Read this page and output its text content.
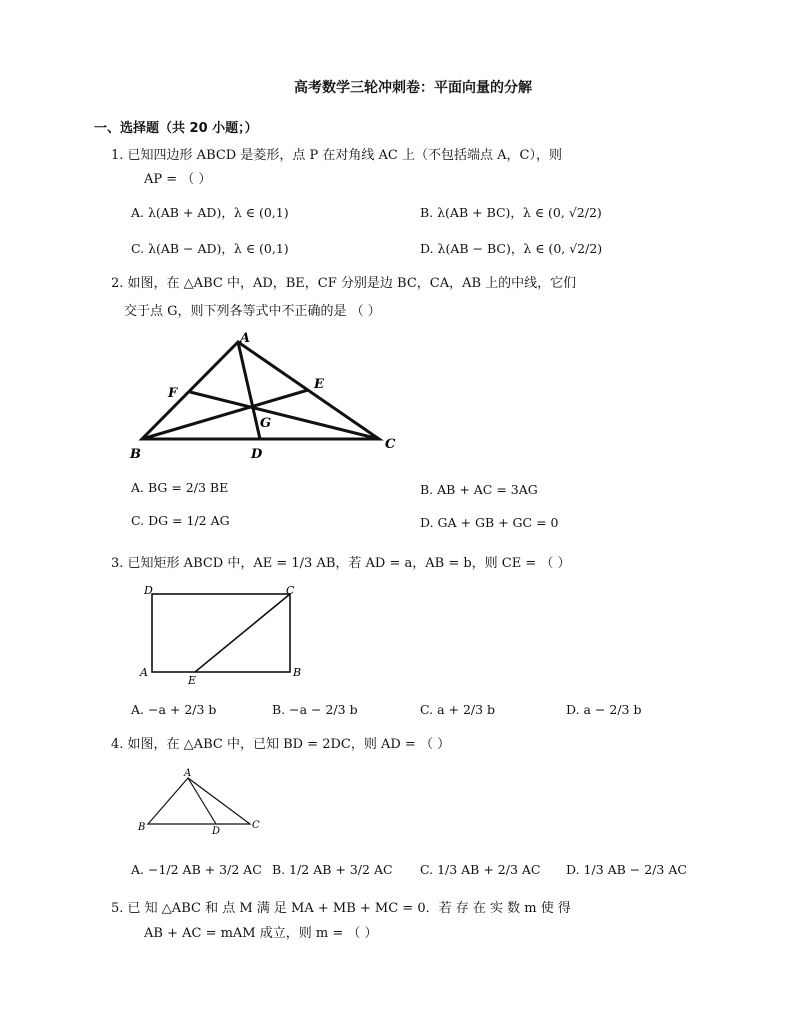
高考数学三轮冲刺卷：平面向量的分解
一、选择题（共 20 小题；）
1. 已知四边形 ABCD 是菱形，点 P 在对角线 AC 上（不包括端点 A，C），则
AP = （ ）
A. λ(AB + AD)，λ ∈ (0,1)	B. λ(AB + BC)，λ ∈ (0, √2/2)
C. λ(AB − AD)，λ ∈ (0,1)	D. λ(AB − BC)，λ ∈ (0, √2/2)
2. 如图，在 △ABC 中，AD，BE，CF 分别是边 BC，CA，AB 上的中线，它们
交于点 G，则下列各等式中不正确的是 （ ）
A
B
C
D
E
F
G
A. BG = 2/3 BE	B. AB + AC = 3AG
C. DG = 1/2 AG	D. GA + GB + GC = 0
3. 已知矩形 ABCD 中，AE = 1/3 AB，若 AD = a，AB = b，则 CE = （ ）
D	C
A
E
B
A. −a + 2/3 b	B. −a − 2/3 b	C. a + 2/3 b	D. a − 2/3 b
4. 如图，在 △ABC 中，已知 BD = 2DC，则 AD = （ ）
A
B	D
C
A. −1/2 AB + 3/2 AC B. 1/2 AB + 3/2 AC C. 1/3 AB + 2/3 AC D. 1/3 AB − 2/3 AC
5. 已 知 △ABC 和 点 M 满 足 MA + MB + MC = 0．若 存 在 实 数 m 使 得
AB + AC = mAM 成立，则 m = （ ）
